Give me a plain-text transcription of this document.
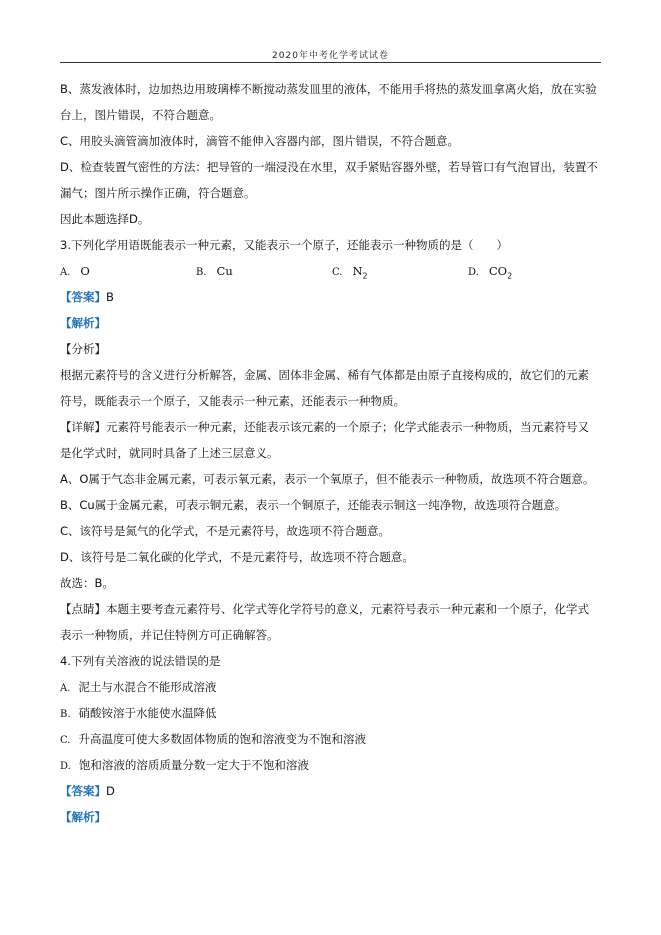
2020年中考化学考试试卷
B、蒸发液体时，边加热边用玻璃棒不断搅动蒸发皿里的液体，不能用手将热的蒸发皿拿离火焰，放在实验
台上，图片错误，不符合题意。
C、用胶头滴管滴加液体时，滴管不能伸入容器内部，图片错误，不符合题意。
D、检查装置气密性的方法：把导管的一端浸没在水里，双手紧贴容器外壁，若导管口有气泡冒出，装置不
漏气；图片所示操作正确，符合题意。
因此本题选择D。
3.下列化学用语既能表示一种元素，又能表示一个原子，还能表示一种物质的是（　　）
A. O	B. Cu	C. $N_2$	D. $CO_2$
【答案】B
【解析】
【分析】
根据元素符号的含义进行分析解答，金属、固体非金属、稀有气体都是由原子直接构成的，故它们的元素
符号，既能表示一个原子，又能表示一种元素，还能表示一种物质。
【详解】元素符号能表示一种元素，还能表示该元素的一个原子；化学式能表示一种物质，当元素符号又
是化学式时，就同时具备了上述三层意义。
A、O属于气态非金属元素，可表示氧元素，表示一个氧原子，但不能表示一种物质，故选项不符合题意。
B、Cu属于金属元素，可表示铜元素，表示一个铜原子，还能表示铜这一纯净物，故选项符合题意。
C、该符号是氮气的化学式，不是元素符号，故选项不符合题意。
D、该符号是二氧化碳的化学式，不是元素符号，故选项不符合题意。
故选：B。
【点睛】本题主要考查元素符号、化学式等化学符号的意义，元素符号表示一种元素和一个原子，化学式
表示一种物质，并记住特例方可正确解答。
4.下列有关溶液的说法错误的是
A. 泥土与水混合不能形成溶液
B. 硝酸铵溶于水能使水温降低
C. 升高温度可使大多数固体物质的饱和溶液变为不饱和溶液
D. 饱和溶液的溶质质量分数一定大于不饱和溶液
【答案】D
【解析】
